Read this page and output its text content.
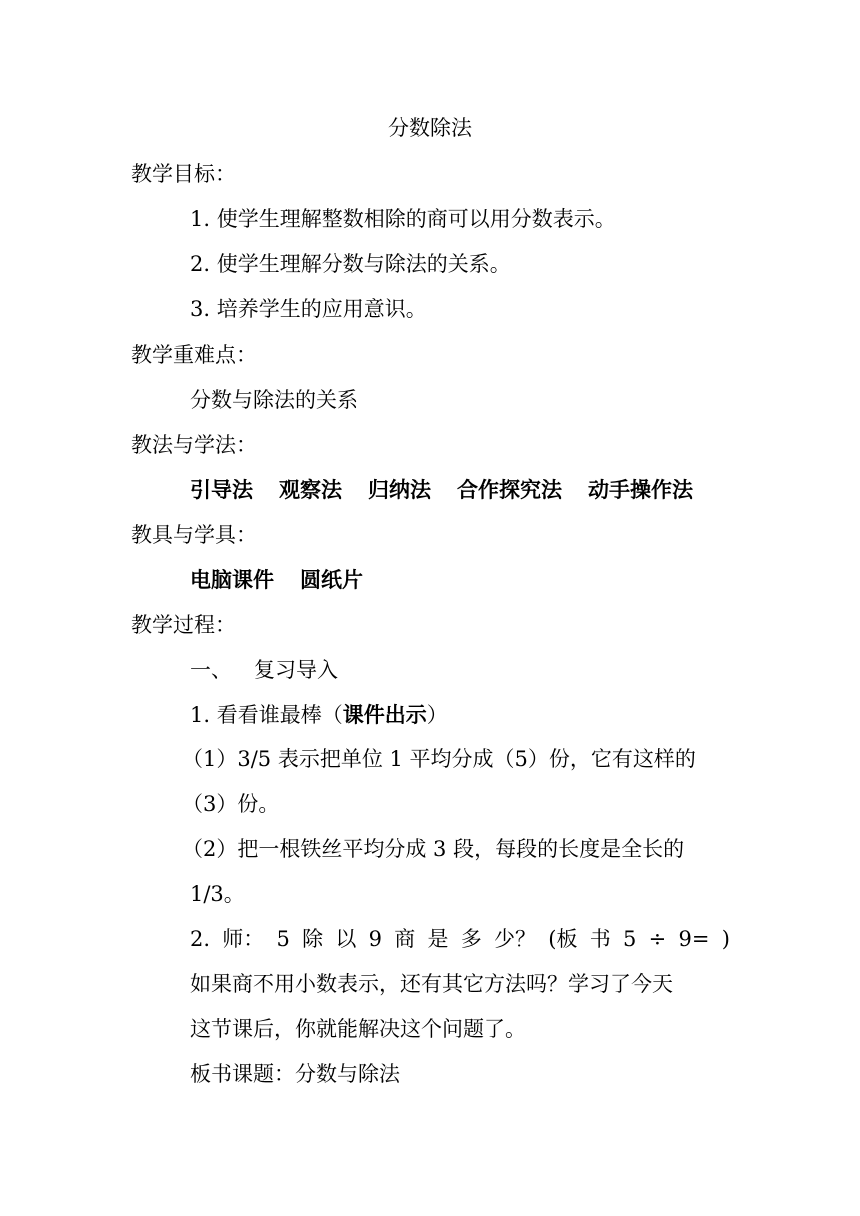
分数除法
教学目标：
1. 使学生理解整数相除的商可以用分数表示。
2. 使学生理解分数与除法的关系。
3. 培养学生的应用意识。
教学重难点：
分数与除法的关系
教法与学法：
引导法 观察法 归纳法 合作探究法 动手操作法
教具与学具：
电脑课件 圆纸片
教学过程：
一、 复习导入
1. 看看谁最棒（课件出示）
（1）3/5 表示把单位 1 平均分成（5）份，它有这样的
（3）份。
（2）把一根铁丝平均分成 3 段，每段的长度是全长的
1/3。
2. 师： 5 除 以 9 商 是 多 少？ (板 书 5 ÷ 9= )
如果商不用小数表示，还有其它方法吗？学习了今天
这节课后，你就能解决这个问题了。
板书课题：分数与除法
